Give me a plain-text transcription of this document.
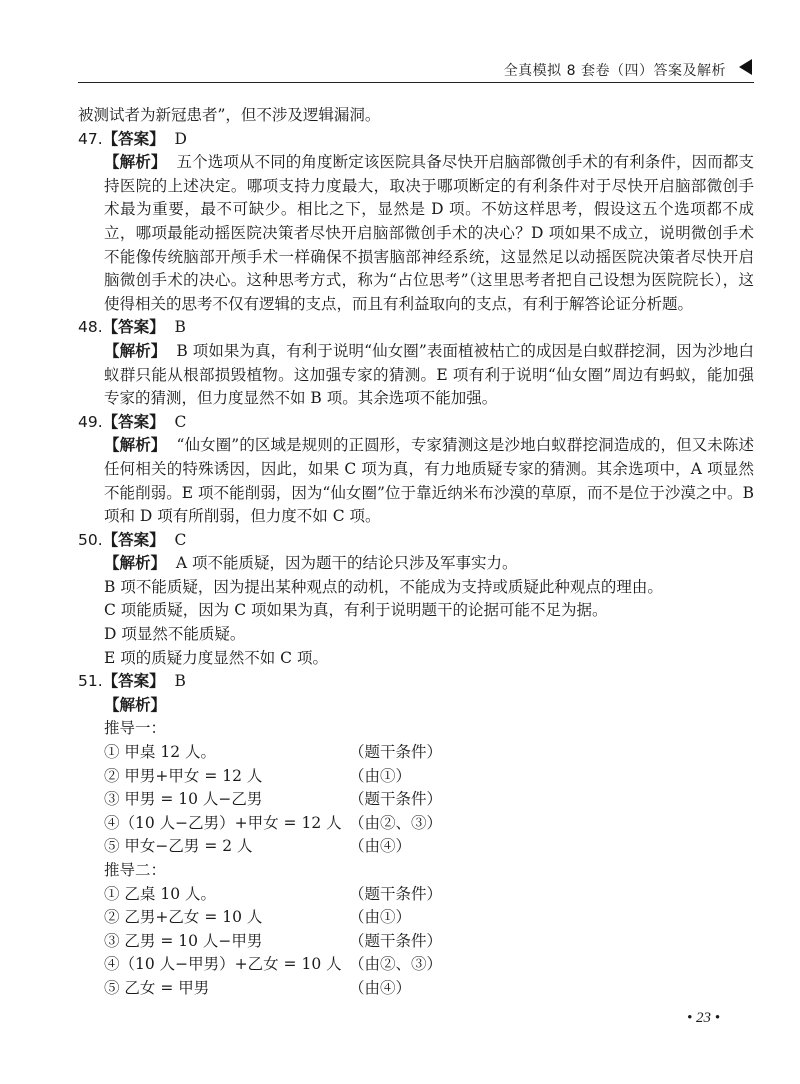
全真模拟 8 套卷（四）答案及解析

被测试者为新冠患者”，但不涉及逻辑漏洞。

47.【答案】 D

【解析】 五个选项从不同的角度断定该医院具备尽快开启脑部微创手术的有利条件，因而都支持医院的上述决定。哪项支持力度最大，取决于哪项断定的有利条件对于尽快开启脑部微创手术最为重要，最不可缺少。相比之下，显然是 D 项。不妨这样思考，假设这五个选项都不成立，哪项最能动摇医院决策者尽快开启脑部微创手术的决心？D 项如果不成立，说明微创手术不能像传统脑部开颅手术一样确保不损害脑部神经系统，这显然足以动摇医院决策者尽快开启脑微创手术的决心。这种思考方式，称为“占位思考”（这里思考者把自己设想为医院院长），这使得相关的思考不仅有逻辑的支点，而且有利益取向的支点，有利于解答论证分析题。

48.【答案】 B

【解析】 B 项如果为真，有利于说明“仙女圈”表面植被枯亡的成因是白蚁群挖洞，因为沙地白蚁群只能从根部损毁植物。这加强专家的猜测。E 项有利于说明“仙女圈”周边有蚂蚁，能加强专家的猜测，但力度显然不如 B 项。其余选项不能加强。

49.【答案】 C

【解析】 “仙女圈”的区域是规则的正圆形，专家猜测这是沙地白蚁群挖洞造成的，但又未陈述任何相关的特殊诱因，因此，如果 C 项为真，有力地质疑专家的猜测。其余选项中，A 项显然不能削弱。E 项不能削弱，因为“仙女圈”位于靠近纳米布沙漠的草原，而不是位于沙漠之中。B 项和 D 项有所削弱，但力度不如 C 项。

50.【答案】 C

【解析】 A 项不能质疑，因为题干的结论只涉及军事实力。

B 项不能质疑，因为提出某种观点的动机，不能成为支持或质疑此种观点的理由。

C 项能质疑，因为 C 项如果为真，有利于说明题干的论据可能不足为据。

D 项显然不能质疑。

E 项的质疑力度显然不如 C 项。

51.【答案】 B

【解析】

推导一：

① 甲桌 12 人。	（题干条件）
② 甲男+甲女 = 12 人	（由①）
③ 甲男 = 10 人−乙男	（题干条件）
④（10 人−乙男）+甲女 = 12 人 （由②、③）
⑤ 甲女−乙男 = 2 人	（由④）

推导二：

① 乙桌 10 人。	（题干条件）
② 乙男+乙女 = 10 人	（由①）
③ 乙男 = 10 人−甲男	（题干条件）
④（10 人−甲男）+乙女 = 10 人 （由②、③）
⑤ 乙女 = 甲男	（由④）
• 23 •
